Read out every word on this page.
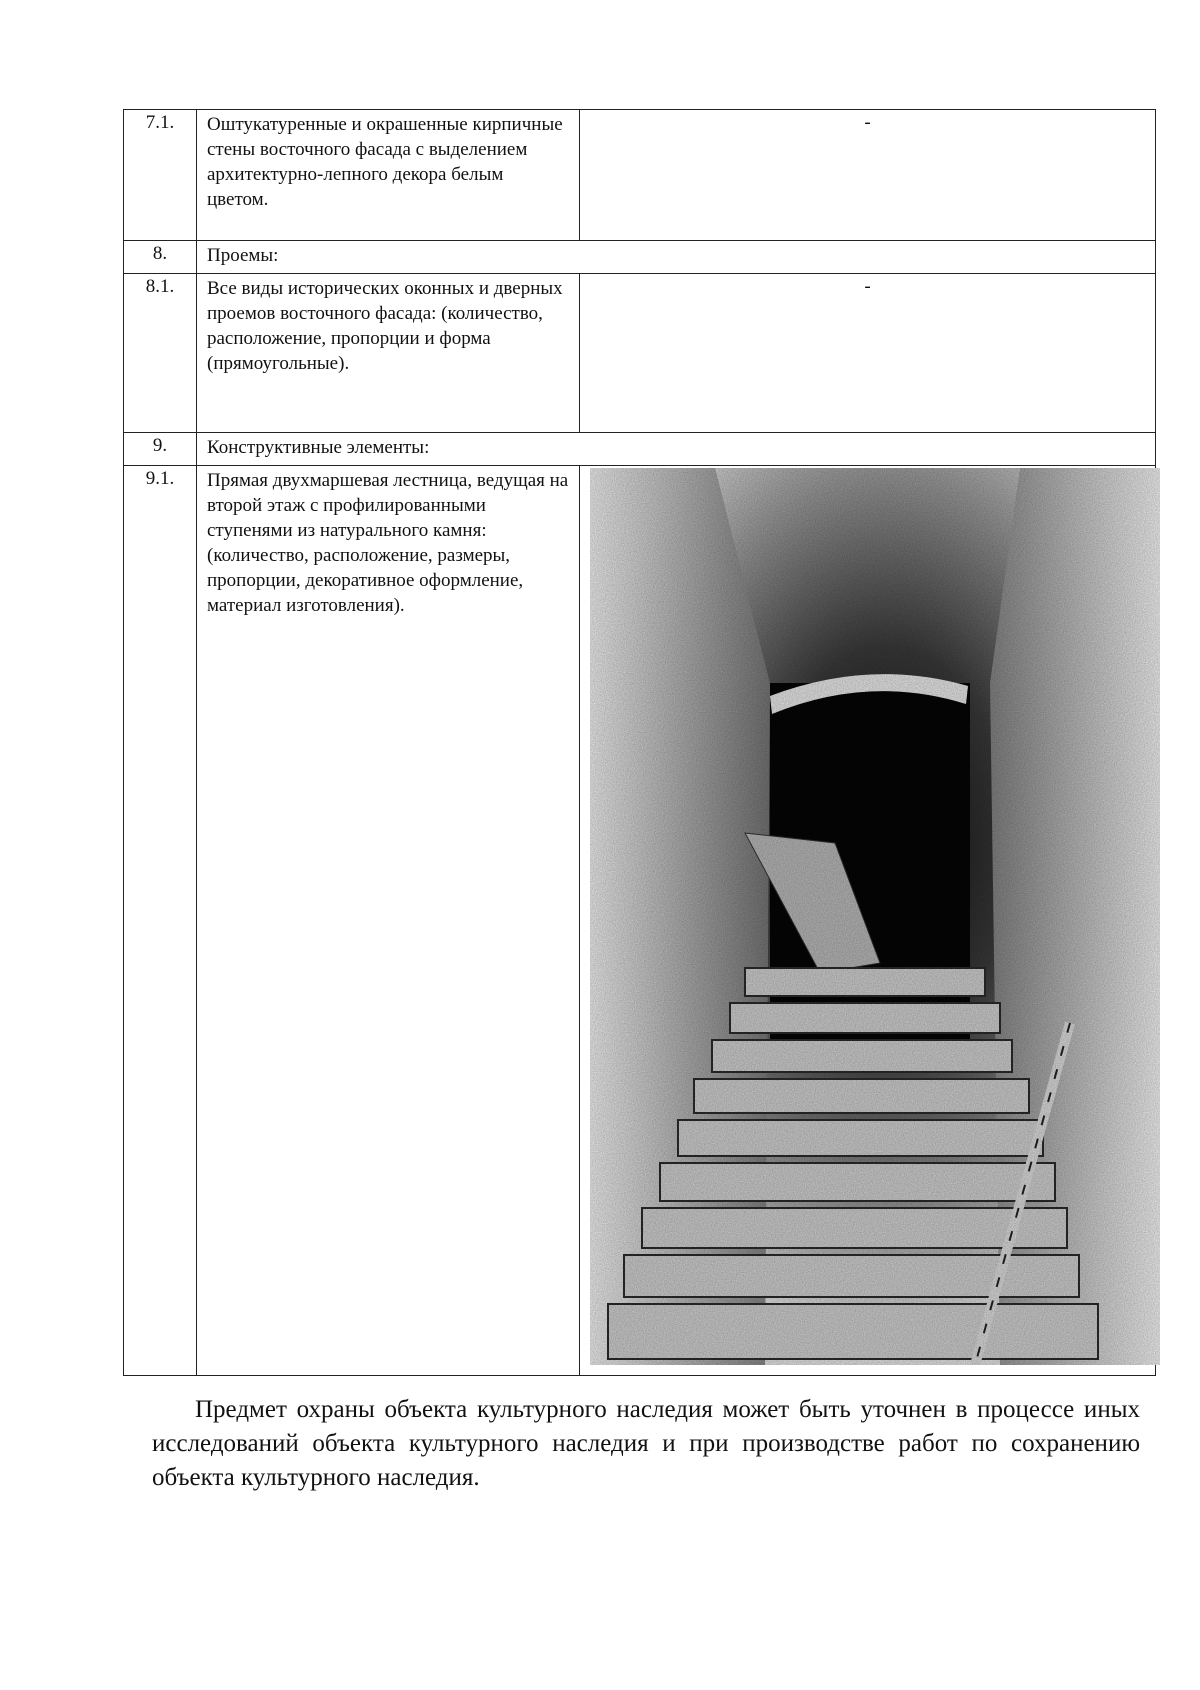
7.1.	Оштукатуренные и окрашенные кирпичные стены восточного фасада с выделением архитектурно-лепного декора белым цветом.	-
8.	Проемы:	
8.1.	Все виды исторических оконных и дверных проемов восточного фасада: (количество, расположение, пропорции и форма (прямоугольные).	-
9.	Конструктивные элементы:	
9.1.	Прямая двухмаршевая лестница, ведущая на второй этаж с профилированными ступенями из натурального камня: (количество, расположение, размеры, пропорции, декоративное оформление, материал изготовления).	
Предмет охраны объекта культурного наследия может быть уточнен в процессе иных исследований объекта культурного наследия и при производстве работ по сохранению объекта культурного наследия.
